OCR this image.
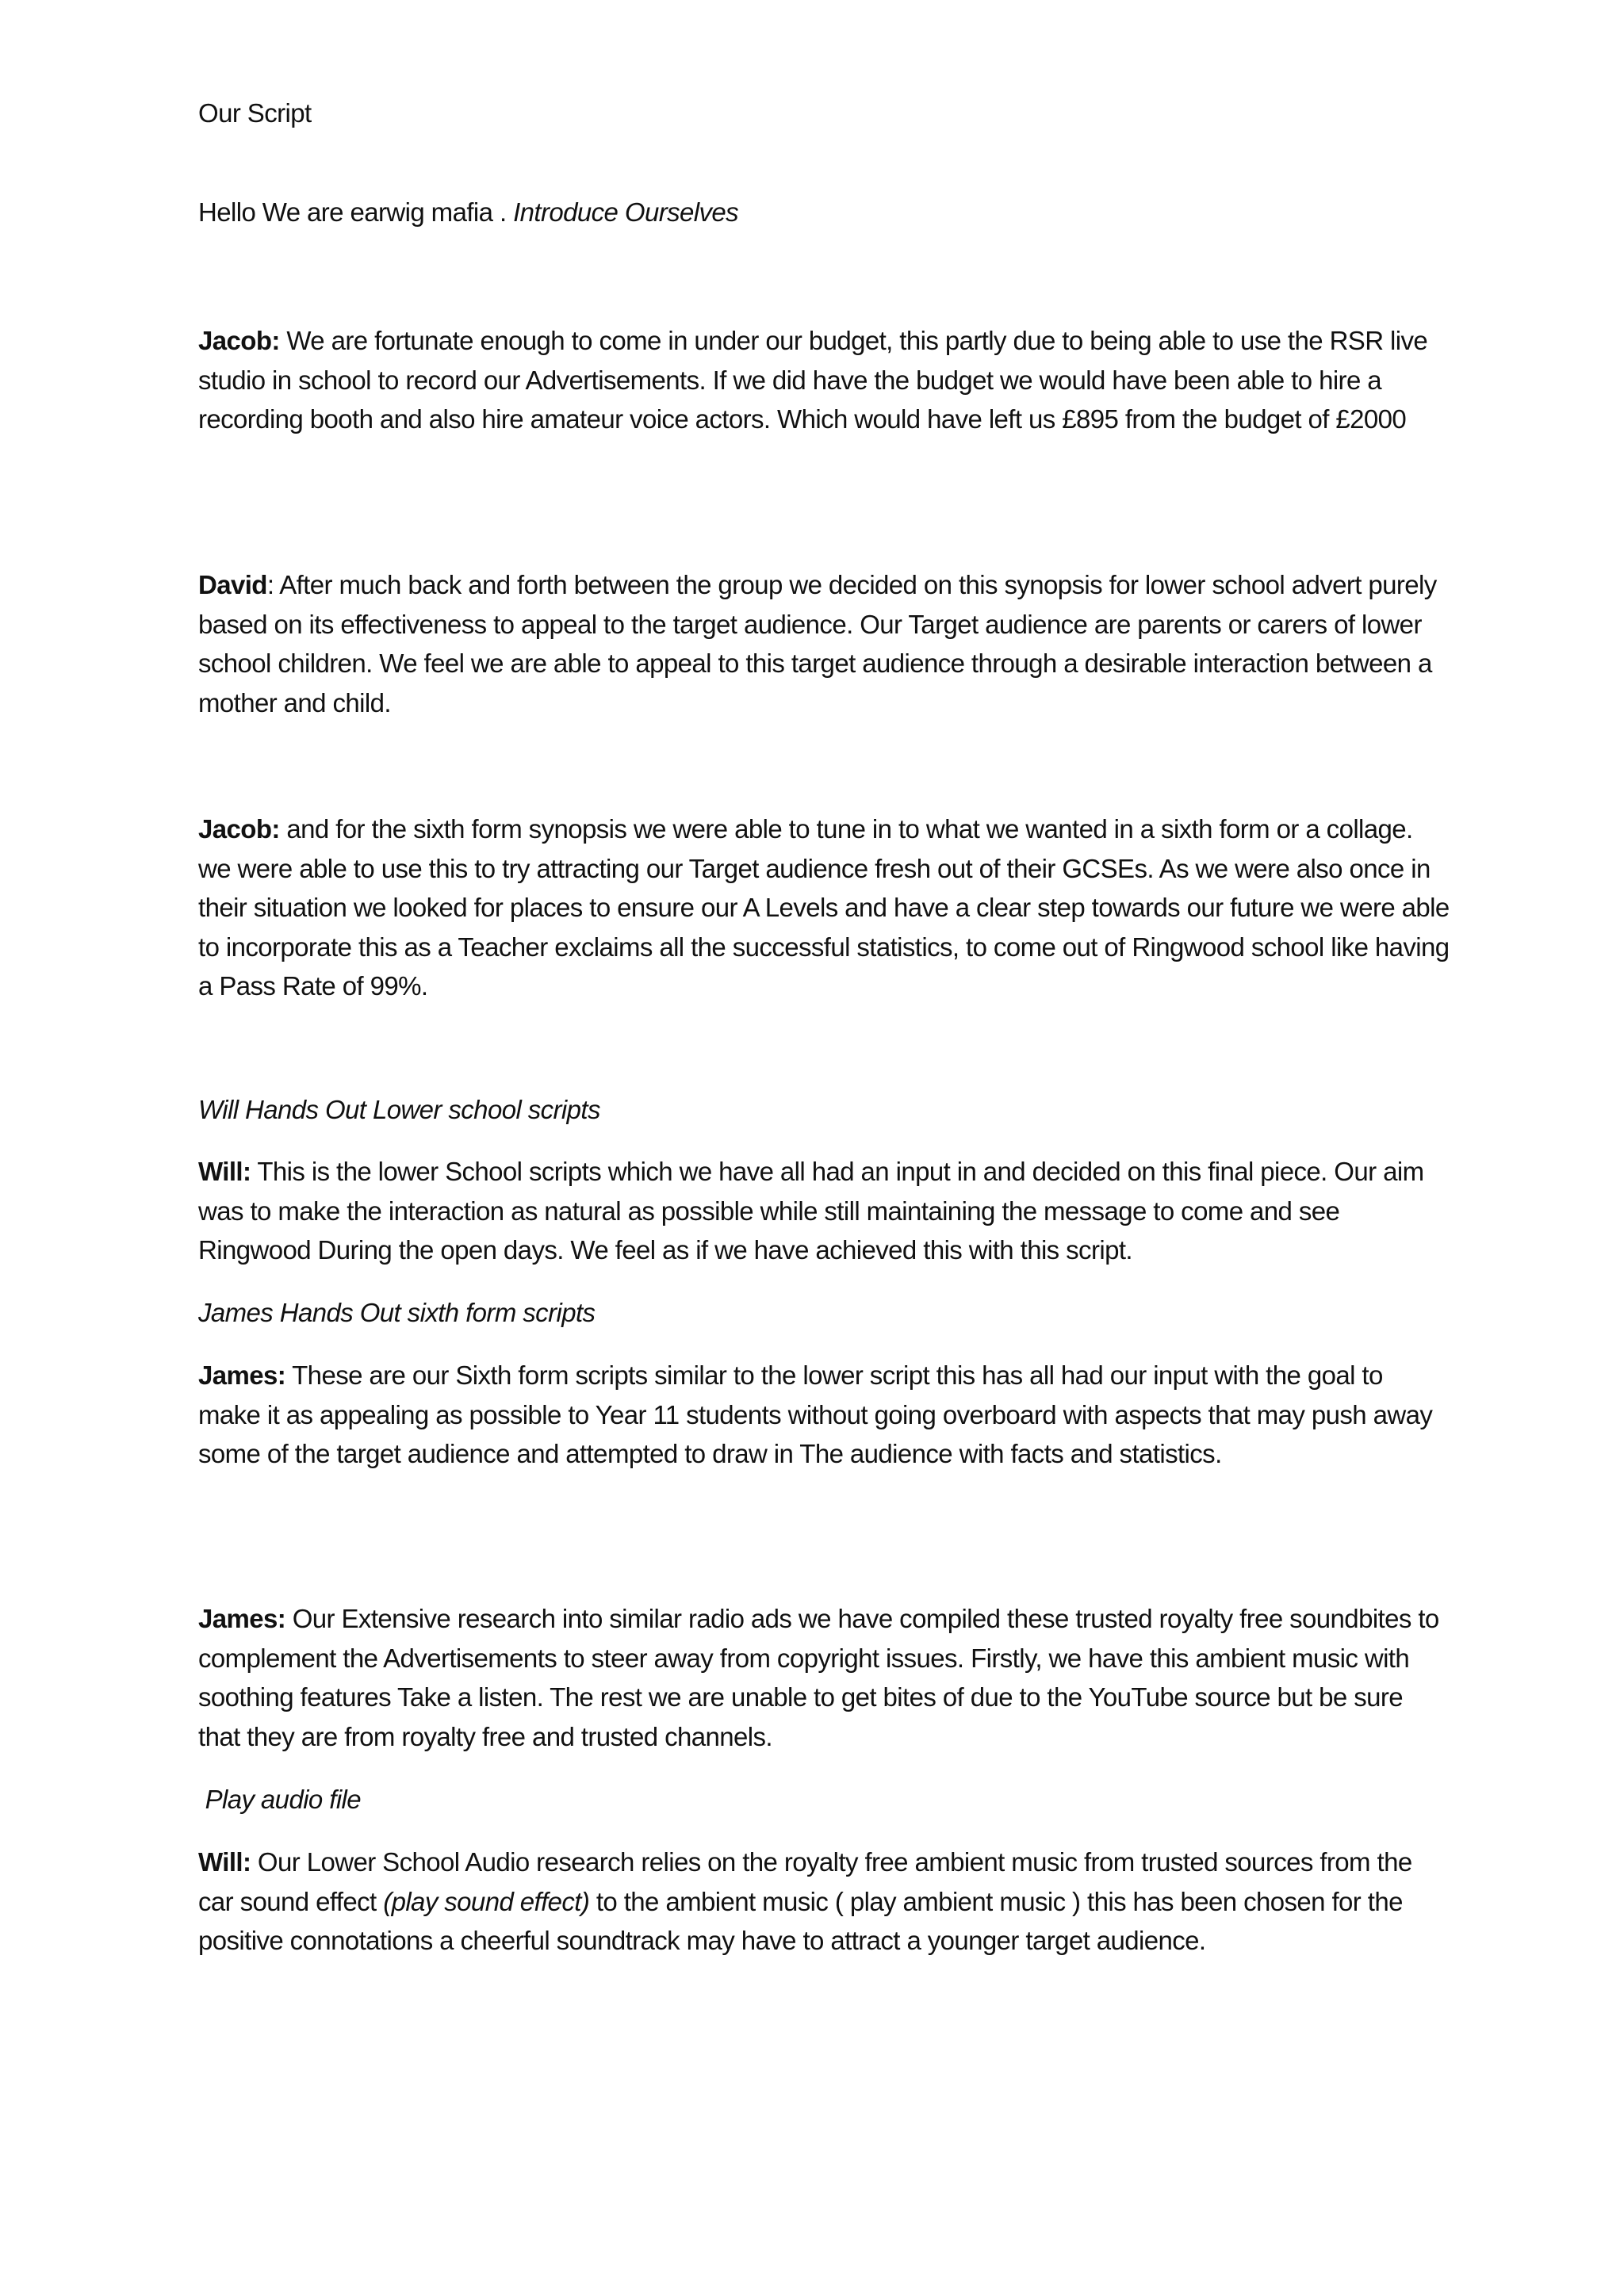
Our Script

Hello We are earwig mafia . Introduce Ourselves

Jacob: We are fortunate enough to come in under our budget, this partly due to being able to use the RSR live studio in school to record our Advertisements. If we did have the budget we would have been able to hire a recording booth and also hire amateur voice actors. Which would have left us £895 from the budget of £2000

David: After much back and forth between the group we decided on this synopsis for lower school advert purely based on its effectiveness to appeal to the target audience. Our Target audience are parents or carers of lower school children. We feel we are able to appeal to this target audience through a desirable interaction between a mother and child.

Jacob: and for the sixth form synopsis we were able to tune in to what we wanted in a sixth form or a collage. we were able to use this to try attracting our Target audience fresh out of their GCSEs. As we were also once in their situation we looked for places to ensure our A Levels and have a clear step towards our future we were able to incorporate this as a Teacher exclaims all the successful statistics, to come out of Ringwood school like having a Pass Rate of 99%.

Will Hands Out Lower school scripts

Will: This is the lower School scripts which we have all had an input in and decided on this final piece. Our aim was to make the interaction as natural as possible while still maintaining the message to come and see Ringwood During the open days. We feel as if we have achieved this with this script.

James Hands Out sixth form scripts

James: These are our Sixth form scripts similar to the lower script this has all had our input with the goal to make it as appealing as possible to Year 11 students without going overboard with aspects that may push away some of the target audience and attempted to draw in The audience with facts and statistics.

James: Our Extensive research into similar radio ads we have compiled these trusted royalty free soundbites to complement the Advertisements to steer away from copyright issues. Firstly, we have this ambient music with soothing features Take a listen. The rest we are unable to get bites of due to the YouTube source but be sure that they are from royalty free and trusted channels.

Play audio file

Will: Our Lower School Audio research relies on the royalty free ambient music from trusted sources from the car sound effect (play sound effect) to the ambient music ( play ambient music ) this has been chosen for the positive connotations a cheerful soundtrack may have to attract a younger target audience.
